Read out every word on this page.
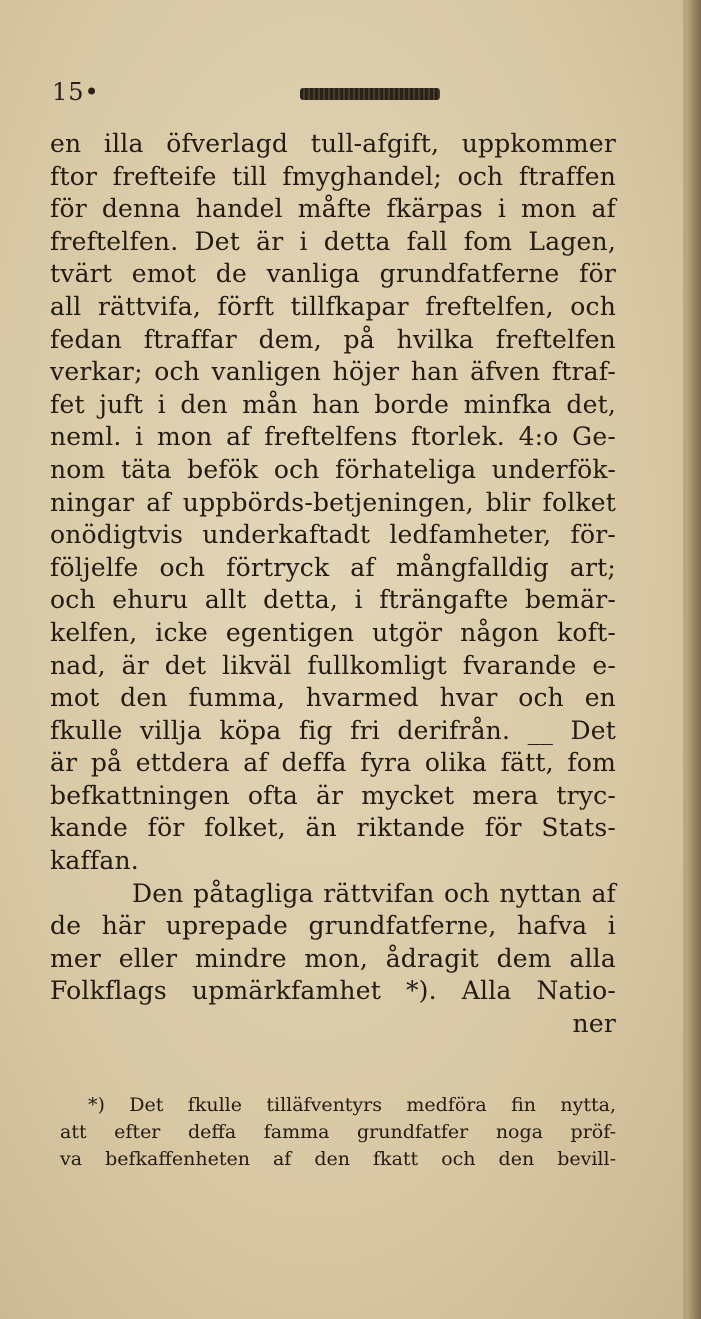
15•
en illa öfverlagd tull-afgift, uppkommer
ftor frefteife till fmyghandel; och ftraffen
för denna handel måfte fkärpas i mon af
freftelfen. Det är i detta fall fom Lagen,
tvärt emot de vanliga grundfatferne för
all rättvifa, förft tillfkapar freftelfen, och
fedan ftraffar dem, på hvilka freftelfen
verkar; och vanligen höjer han äfven ftraf-
fet juft i den mån han borde minfka det,
neml. i mon af freftelfens ftorlek. 4:o Ge-
nom täta befök och förhateliga underfök-
ningar af uppbörds-betjeningen, blir folket
onödigtvis underkaftadt ledfamheter, för-
följelfe och förtryck af mångfalldig art;
och ehuru allt detta, i fträngafte bemär-
kelfen, icke egentigen utgör någon koft-
nad, är det likväl fullkomligt fvarande e-
mot den fumma, hvarmed hvar och en
fkulle villja köpa fig fri derifrån. __ Det
är på ettdera af deffa fyra olika fätt, fom
befkattningen ofta är mycket mera tryc-
kande för folket, än riktande för Stats-
kaffan.
Den påtagliga rättvifan och nyttan af
de här uprepade grundfatferne, hafva i
mer eller mindre mon, ådragit dem alla
Folkflags upmärkfamhet *). Alla Natio-
ner
*) Det fkulle tilläfventyrs medföra fin nytta,
att efter deffa famma grundfatfer noga pröf-
va befkaffenheten af den fkatt och den bevill-
